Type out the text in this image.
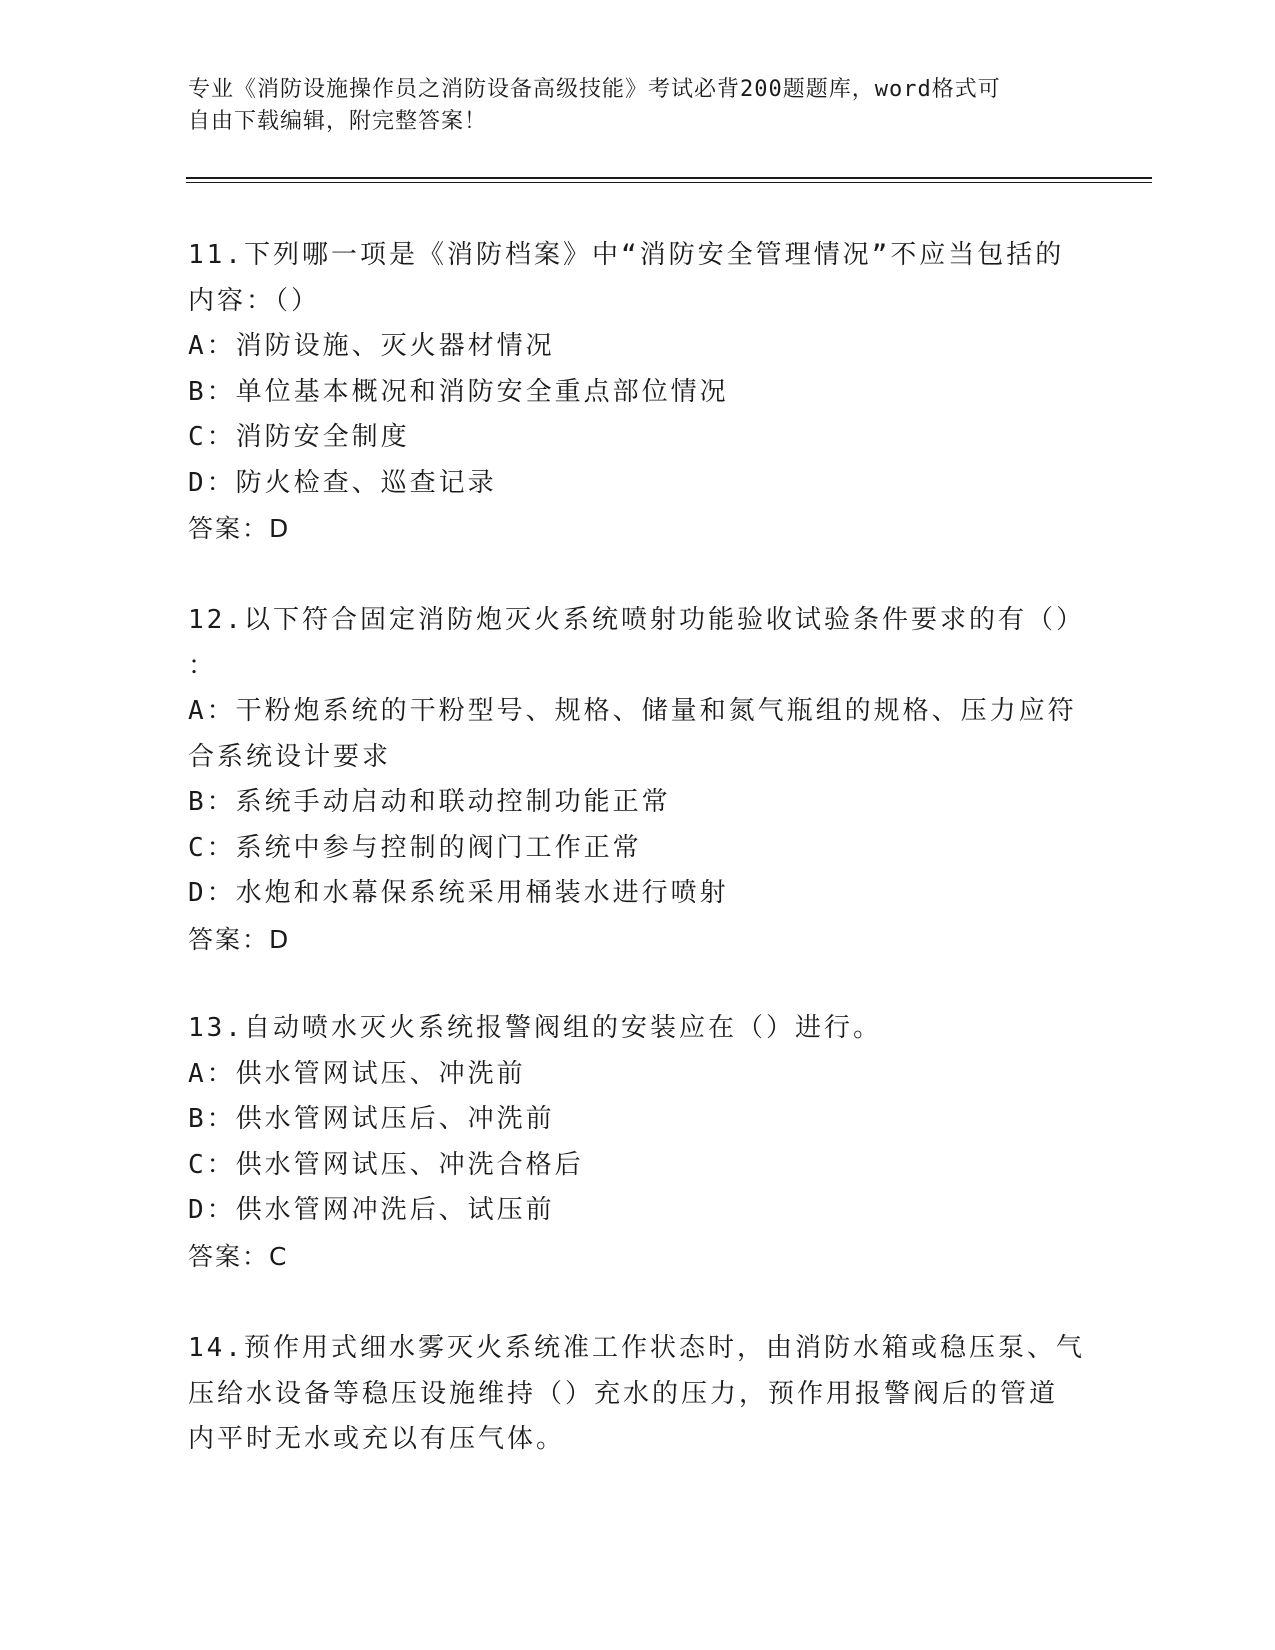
专业《消防设施操作员之消防设备高级技能》考试必背200题题库，word格式可
自由下载编辑，附完整答案！
11.下列哪一项是《消防档案》中“消防安全管理情况”不应当包括的
内容：（）
A：消防设施、灭火器材情况
B：单位基本概况和消防安全重点部位情况
C：消防安全制度
D：防火检查、巡查记录
答案：D
12.以下符合固定消防炮灭火系统喷射功能验收试验条件要求的有（）
：
A：干粉炮系统的干粉型号、规格、储量和氮气瓶组的规格、压力应符
合系统设计要求
B：系统手动启动和联动控制功能正常
C：系统中参与控制的阀门工作正常
D：水炮和水幕保系统采用桶装水进行喷射
答案：D
13.自动喷水灭火系统报警阀组的安装应在（）进行。
A：供水管网试压、冲洗前
B：供水管网试压后、冲洗前
C：供水管网试压、冲洗合格后
D：供水管网冲洗后、试压前
答案：C
14.预作用式细水雾灭火系统准工作状态时，由消防水箱或稳压泵、气
压给水设备等稳压设施维持（）充水的压力，预作用报警阀后的管道
内平时无水或充以有压气体。
